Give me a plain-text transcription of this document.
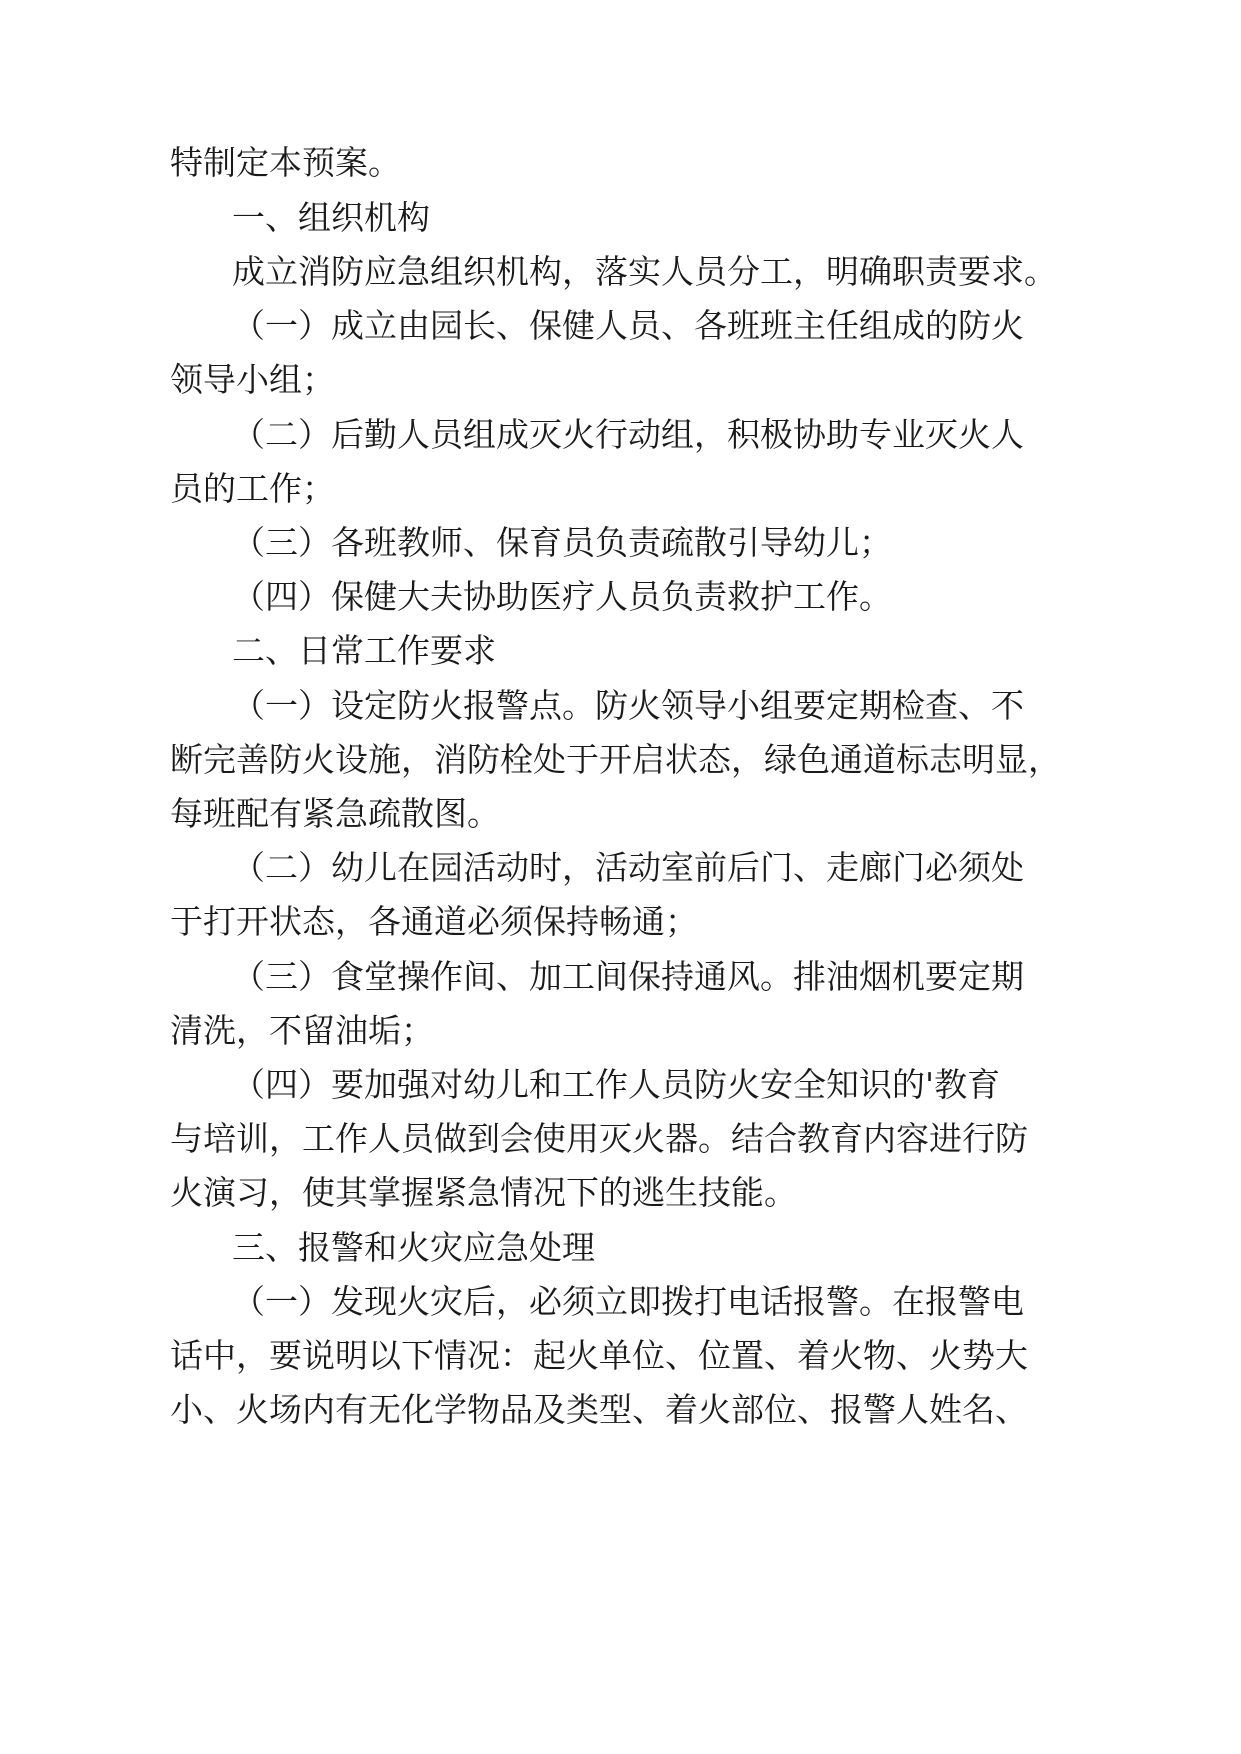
特制定本预案。
一、组织机构
成立消防应急组织机构，落实人员分工，明确职责要求。
（一）成立由园长、保健人员、各班班主任组成的防火
领导小组；
（二）后勤人员组成灭火行动组，积极协助专业灭火人
员的工作；
（三）各班教师、保育员负责疏散引导幼儿；
（四）保健大夫协助医疗人员负责救护工作。
二、日常工作要求
（一）设定防火报警点。防火领导小组要定期检查、不
断完善防火设施，消防栓处于开启状态，绿色通道标志明显，
每班配有紧急疏散图。
（二）幼儿在园活动时，活动室前后门、走廊门必须处
于打开状态，各通道必须保持畅通；
（三）食堂操作间、加工间保持通风。排油烟机要定期
清洗，不留油垢；
（四）要加强对幼儿和工作人员防火安全知识的'教育
与培训，工作人员做到会使用灭火器。结合教育内容进行防
火演习，使其掌握紧急情况下的逃生技能。
三、报警和火灾应急处理
（一）发现火灾后，必须立即拨打电话报警。在报警电
话中，要说明以下情况：起火单位、位置、着火物、火势大
小、火场内有无化学物品及类型、着火部位、报警人姓名、
